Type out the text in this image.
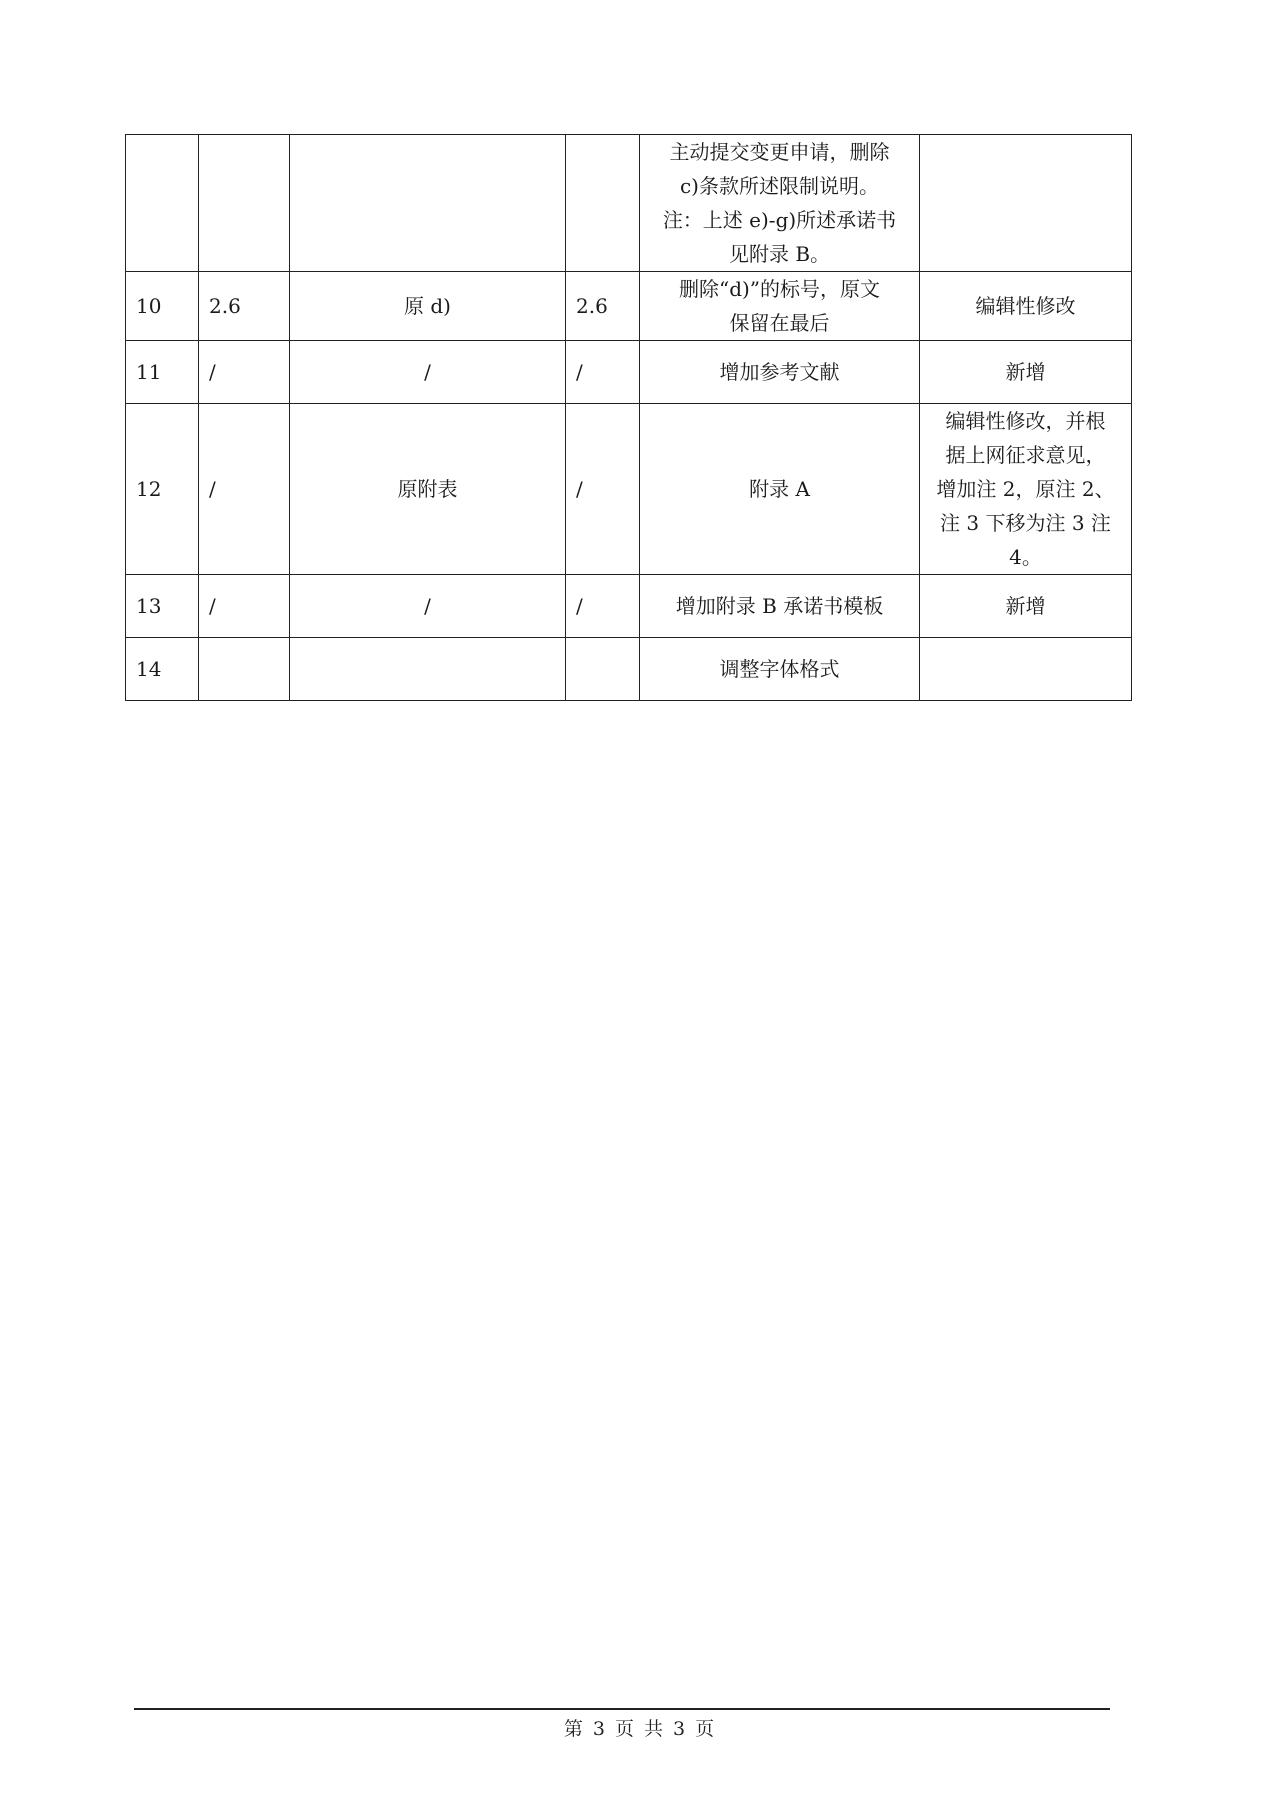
				主动提交变更申请，删除
c)条款所述限制说明。
注：上述 e)-g)所述承诺书
见附录 B。	

10	2.6	原 d)	2.6	删除“d)”的标号，原文
保留在最后	编辑性修改

11	/	/	/	增加参考文献	新增

12	/	原附表	/	附录 A	编辑性修改，并根
据上网征求意见，
增加注 2，原注 2、
注 3 下移为注 3 注
4。

13	/	/	/	增加附录 B 承诺书模板	新增

14				调整字体格式	

第 3 页 共 3 页
